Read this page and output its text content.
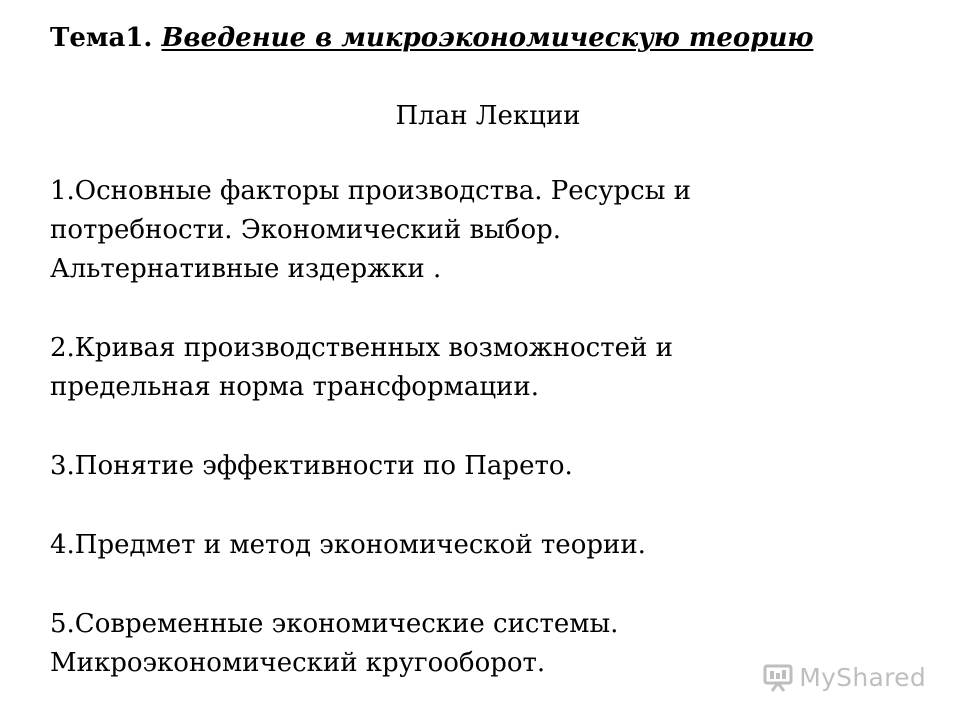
Тема1. Введение в микроэкономическую теорию
План Лекции
1.Основные факторы производства. Ресурсы и
потребности. Экономический выбор.
Альтернативные издержки .
2.Кривая производственных возможностей и
предельная норма трансформации.
3.Понятие эффективности по Парето.
4.Предмет и метод экономической теории.
5.Современные экономические системы.
Микроэкономический кругооборот.	MyShared
